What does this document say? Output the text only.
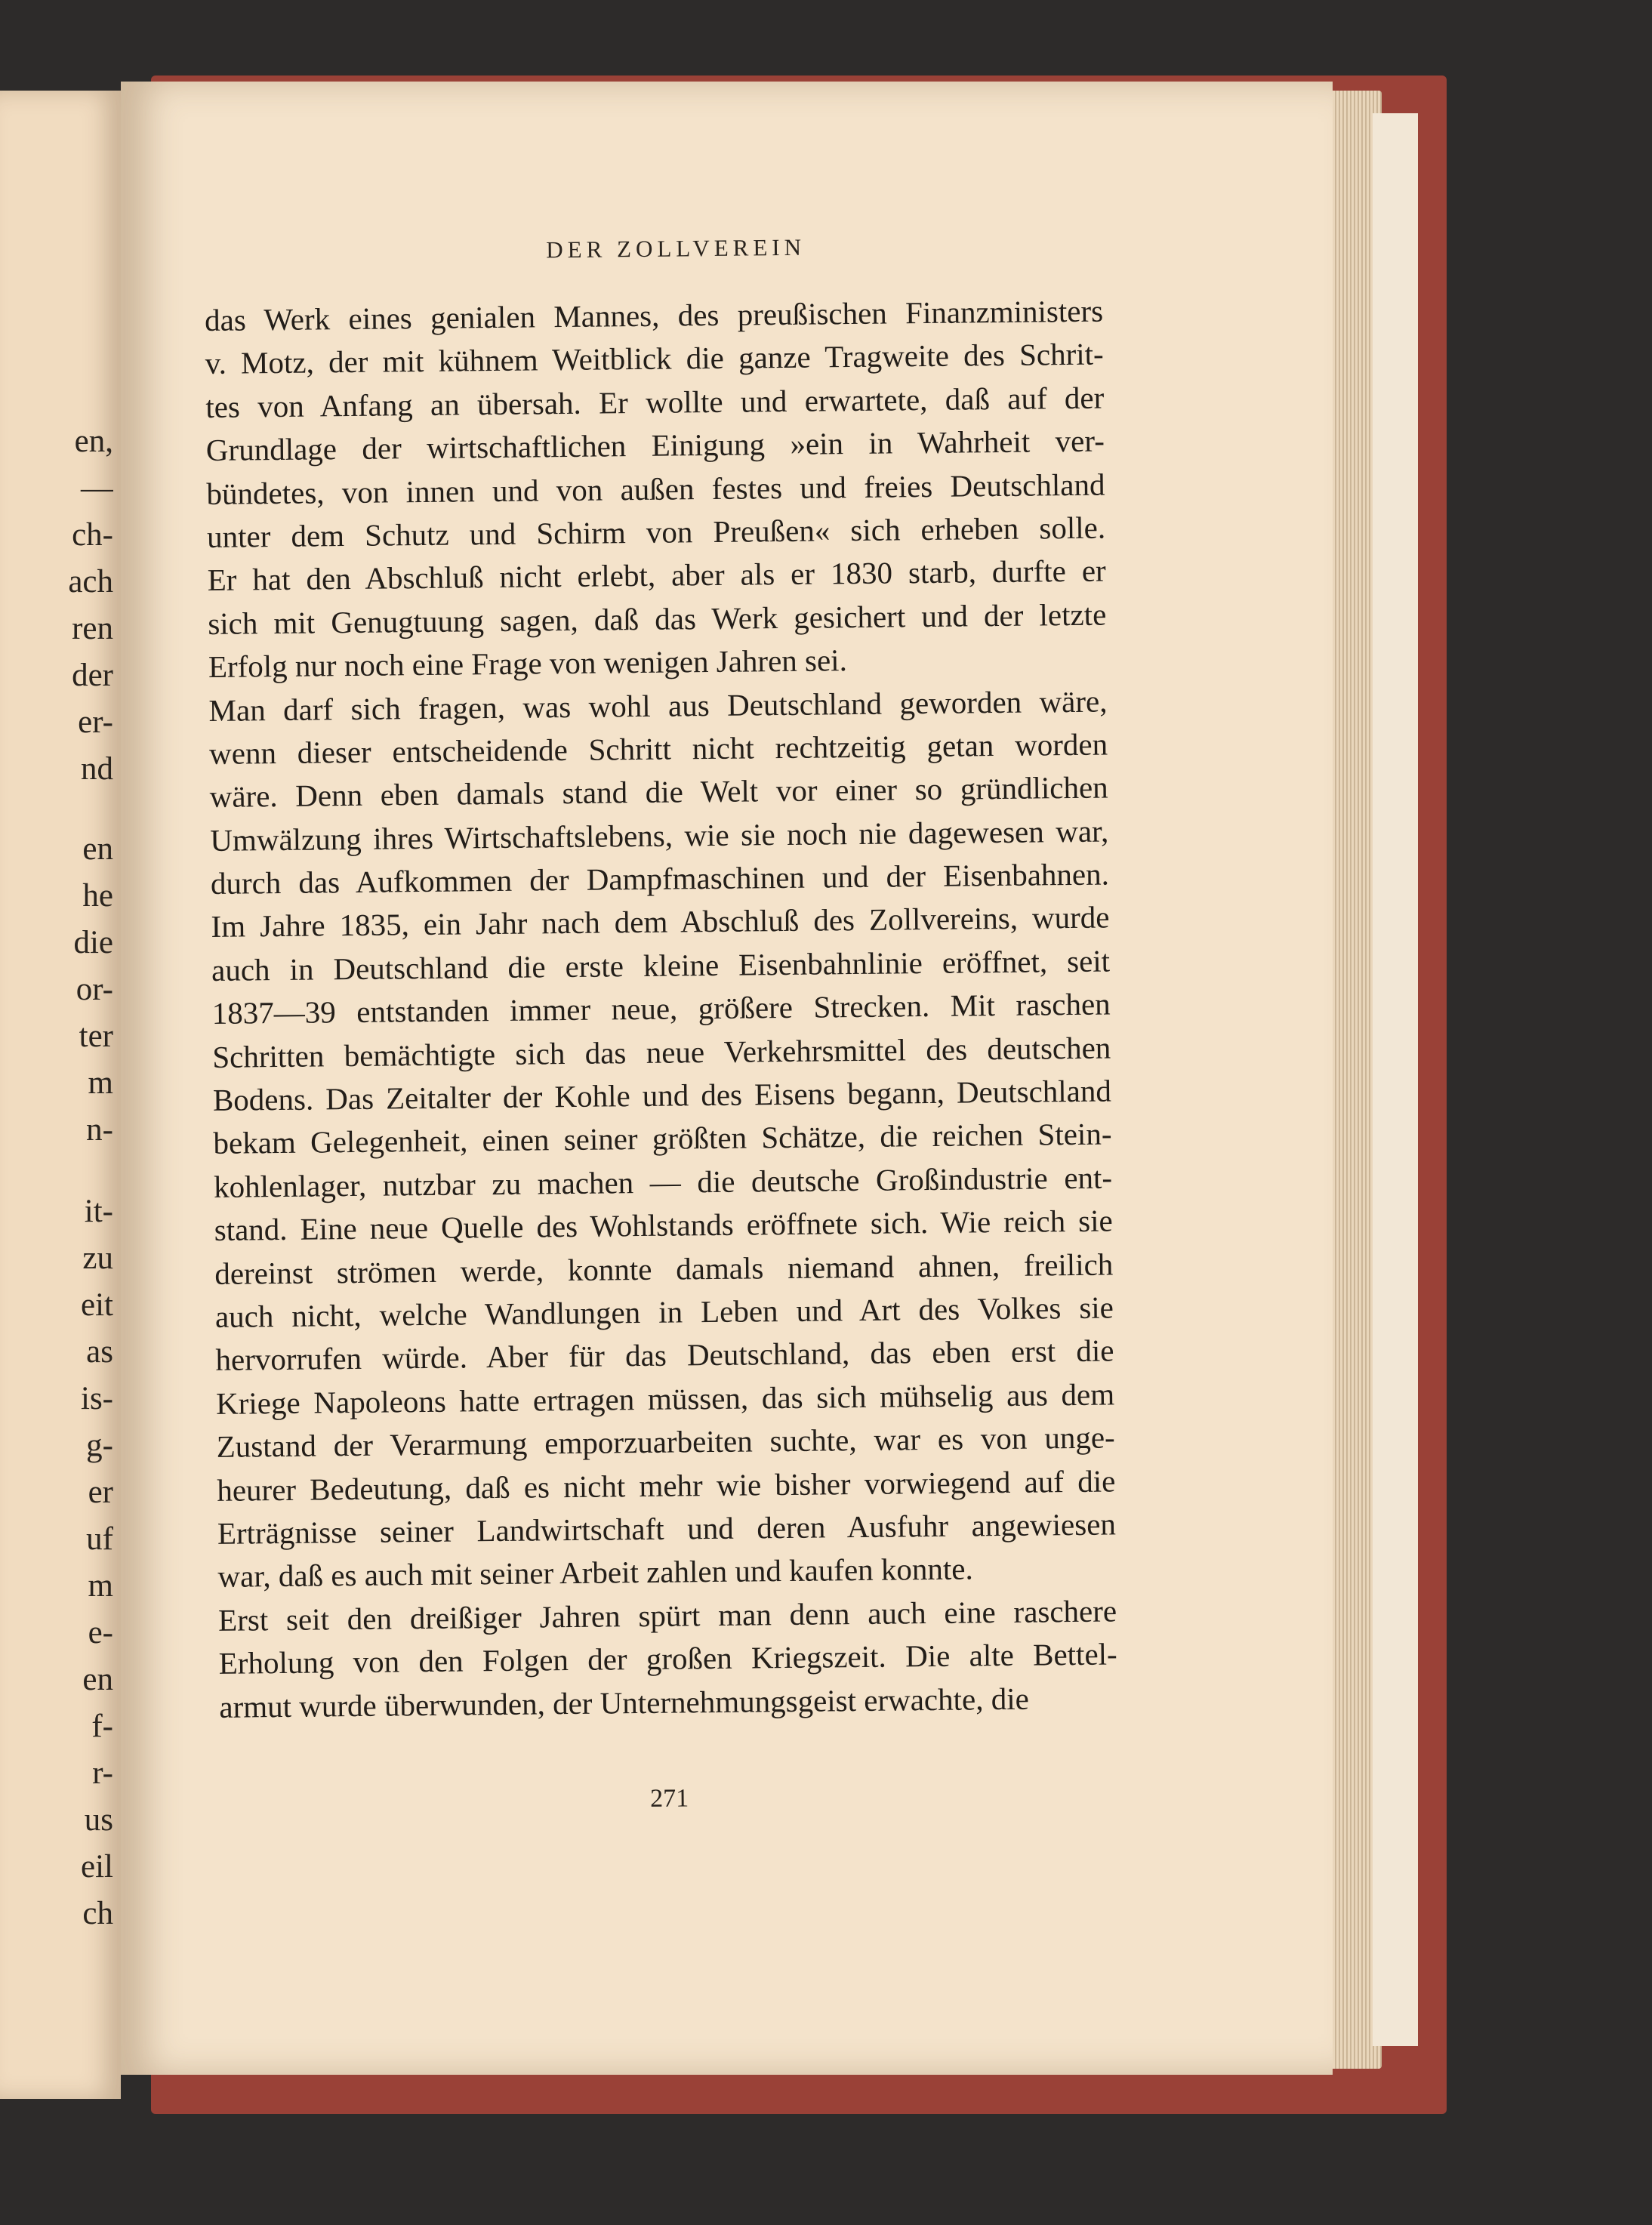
en,
—
ch-
ach
ren
der
er-
nd
en
he
die
or-
ter
m
n-
it-
zu
eit
as
is-
g-
er
uf
m
e-
en
f-
r-
us
eil
ch
DER ZOLLVEREIN
das Werk eines genialen Mannes, des preußischen Finanzministers
v. Motz, der mit kühnem Weitblick die ganze Tragweite des Schrit-
tes von Anfang an übersah. Er wollte und erwartete, daß auf der
Grundlage der wirtschaftlichen Einigung »ein in Wahrheit ver-
bündetes, von innen und von außen festes und freies Deutschland
unter dem Schutz und Schirm von Preußen« sich erheben solle.
Er hat den Abschluß nicht erlebt, aber als er 1830 starb, durfte er
sich mit Genugtuung sagen, daß das Werk gesichert und der letzte
Erfolg nur noch eine Frage von wenigen Jahren sei.
Man darf sich fragen, was wohl aus Deutschland geworden wäre,
wenn dieser entscheidende Schritt nicht rechtzeitig getan worden
wäre. Denn eben damals stand die Welt vor einer so gründlichen
Umwälzung ihres Wirtschaftslebens, wie sie noch nie dagewesen war,
durch das Aufkommen der Dampfmaschinen und der Eisenbahnen.
Im Jahre 1835, ein Jahr nach dem Abschluß des Zollvereins, wurde
auch in Deutschland die erste kleine Eisenbahnlinie eröffnet, seit
1837—39 entstanden immer neue, größere Strecken. Mit raschen
Schritten bemächtigte sich das neue Verkehrsmittel des deutschen
Bodens. Das Zeitalter der Kohle und des Eisens begann, Deutschland
bekam Gelegenheit, einen seiner größten Schätze, die reichen Stein-
kohlenlager, nutzbar zu machen — die deutsche Großindustrie ent-
stand. Eine neue Quelle des Wohlstands eröffnete sich. Wie reich sie
dereinst strömen werde, konnte damals niemand ahnen, freilich
auch nicht, welche Wandlungen in Leben und Art des Volkes sie
hervorrufen würde. Aber für das Deutschland, das eben erst die
Kriege Napoleons hatte ertragen müssen, das sich mühselig aus dem
Zustand der Verarmung emporzuarbeiten suchte, war es von unge-
heurer Bedeutung, daß es nicht mehr wie bisher vorwiegend auf die
Erträgnisse seiner Landwirtschaft und deren Ausfuhr angewiesen
war, daß es auch mit seiner Arbeit zahlen und kaufen konnte.
Erst seit den dreißiger Jahren spürt man denn auch eine raschere
Erholung von den Folgen der großen Kriegszeit. Die alte Bettel-
armut wurde überwunden, der Unternehmungsgeist erwachte, die
271
